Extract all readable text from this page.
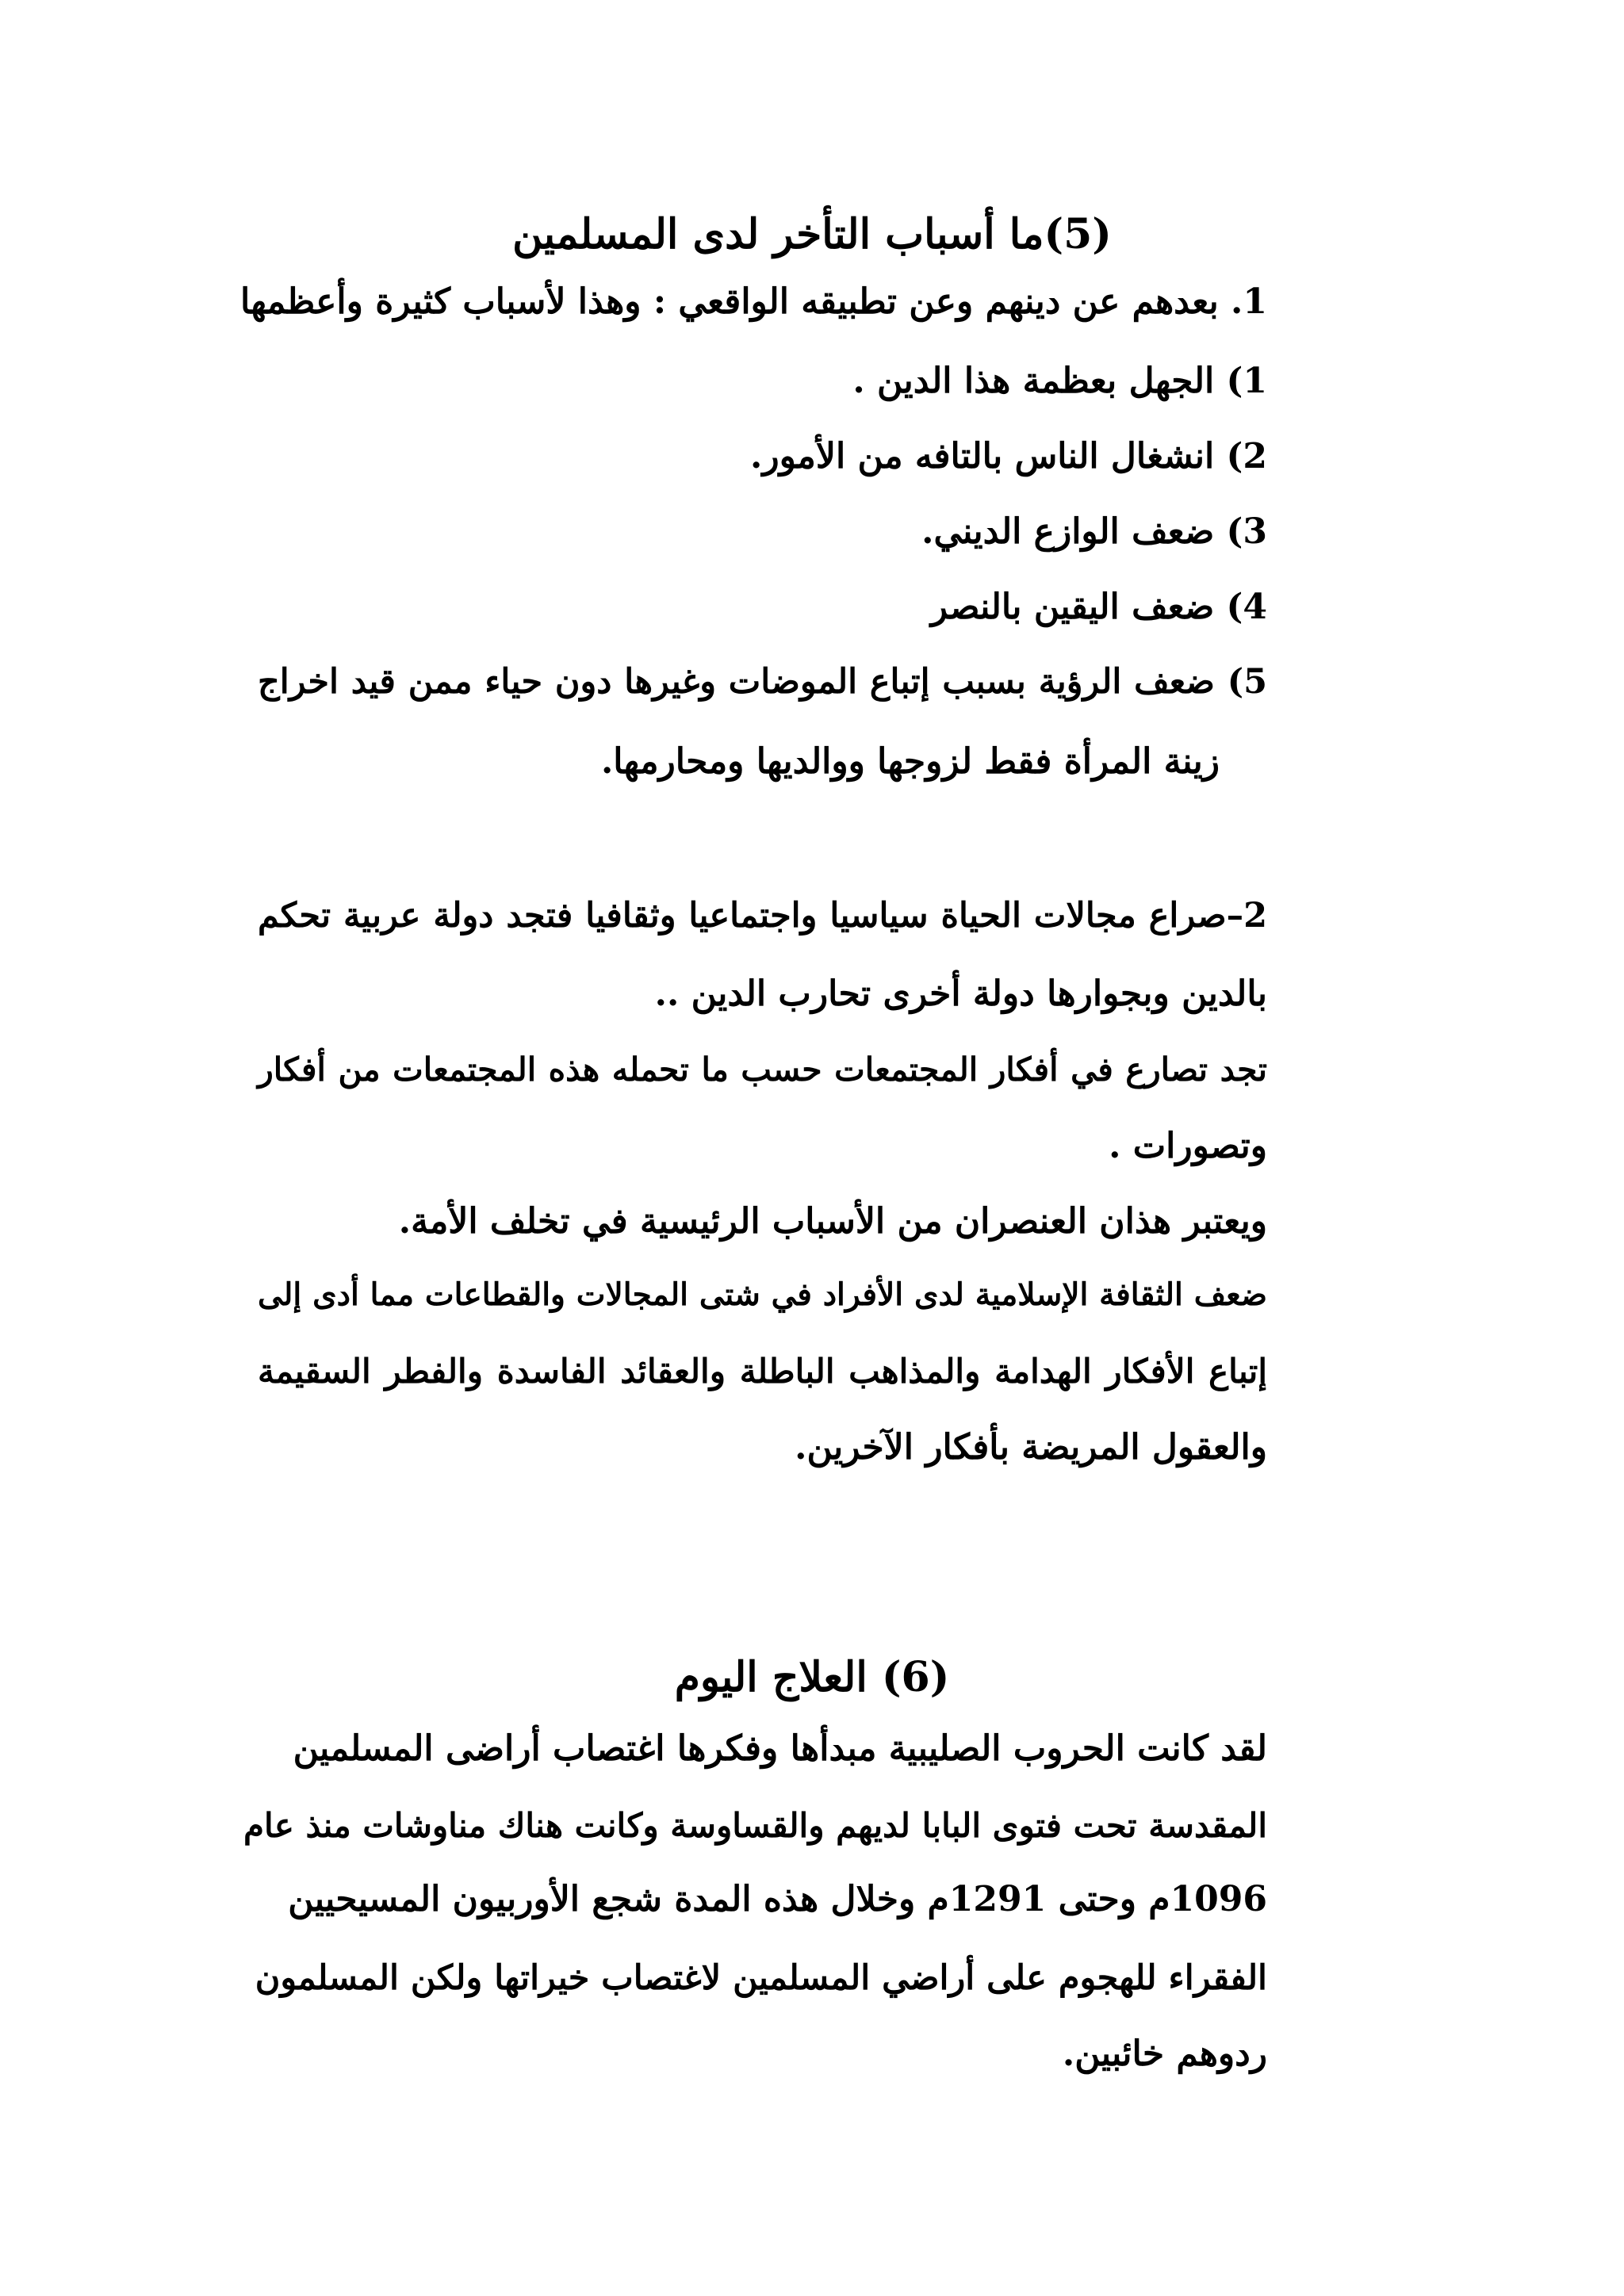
(5)ما أسباب التأخر لدى المسلمين
1. بعدهم عن دينهم وعن تطبيقه الواقعي : وهذا لأسباب كثيرة وأعظمها
1) الجهل بعظمة هذا الدين .
2) انشغال الناس بالتافه من الأمور.
3) ضعف الوازع الديني.
4) ضعف اليقين بالنصر
5) ضعف الرؤية بسبب إتباع الموضات وغيرها دون حياء ممن قيد اخراج
زينة المرأة فقط لزوجها ووالديها ومحارمها.
2–صراع مجالات الحياة سياسيا واجتماعيا وثقافيا فتجد دولة عربية تحكم
بالدين وبجوارها دولة أخرى تحارب الدين ..
تجد تصارع في أفكار المجتمعات حسب ما تحمله هذه المجتمعات من أفكار
وتصورات .
ويعتبر هذان العنصران من الأسباب الرئيسية في تخلف الأمة.
ضعف الثقافة الإسلامية لدى الأفراد في شتى المجالات والقطاعات مما أدى إلى
إتباع الأفكار الهدامة والمذاهب الباطلة والعقائد الفاسدة والفطر السقيمة
والعقول المريضة بأفكار الآخرين.
(6) العلاج اليوم
لقد كانت الحروب الصليبية مبدأها وفكرها اغتصاب أراضى المسلمين
المقدسة تحت فتوى البابا لديهم والقساوسة وكانت هناك مناوشات منذ عام
1096م وحتى 1291م وخلال هذه المدة شجع الأوربيون المسيحيين
الفقراء للهجوم على أراضي المسلمين لاغتصاب خيراتها ولكن المسلمون
ردوهم خائبين.
